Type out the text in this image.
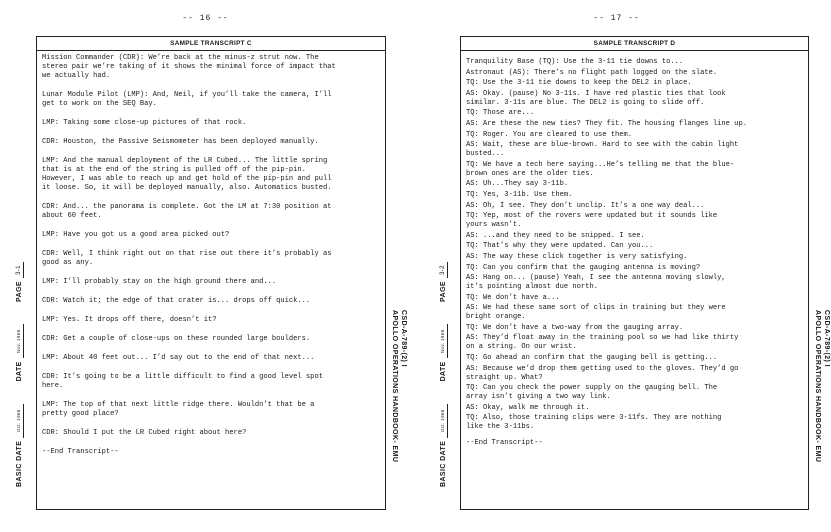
-- 16 --
SAMPLE TRANSCRIPT C

Mission Commander (CDR): We’re back at the minus-z strut now. The
stereo pair we’re taking of it shows the minimal force of impact that
we actually had.

Lunar Module Pilot (LMP): And, Neil, if you’ll take the camera, I’ll
get to work on the SEQ Bay.

LMP: Taking some close-up pictures of that rock.

CDR: Houston, the Passive Seismometer has been deployed manually.

LMP: And the manual deployment of the LR Cubed... The little spring
that is at the end of the string is pulled off of the pip-pin.
However, I was able to reach up and get hold of the pip-pin and pull
it loose. So, it will be deployed manually, also. Automatics busted.

CDR: And... the panorama is complete. Got the LM at 7:30 position at
about 60 feet.

LMP: Have you got us a good area picked out?

CDR: Well, I think right out on that rise out there it’s probably as
good as any.

LMP: I’ll probably stay on the high ground there and...

CDR: Watch it; the edge of that crater is... drops off quick...

LMP: Yes. It drops off there, doesn’t it?

CDR: Get a couple of close-ups on these rounded large boulders.

LMP: About 40 feet out... I’d say out to the end of that next...

CDR: It’s going to be a little difficult to find a good level spot
here.

LMP: The top of that next little ridge there. Wouldn’t that be a
pretty good place?

CDR: Should I put the LR Cubed right about here?

--End Transcript--

BASIC DATE
Oct. 1966
DATE
Nov. 1966
PAGE
3-1
CSD-A-789-(2) I
APOLLO OPERATIONS HANDBOOK- EMU
-- 17 --
SAMPLE TRANSCRIPT D

Tranquility Base (TQ): Use the 3-11 tie downs to...

Astronaut (AS): There’s no flight path logged on the slate.

TQ: Use the 3-11 tie downs to keep the DEL2 in place.

AS: Okay. (pause) No 3-11s. I have red plastic ties that look
similar. 3-11s are blue. The DEL2 is going to slide off.

TQ: Those are...

AS: Are these the new ties? They fit. The housing flanges line up.

TQ: Roger. You are cleared to use them.

AS: Wait, these are blue-brown. Hard to see with the cabin light
busted...

TQ: We have a tech here saying...He’s telling me that the blue-
brown ones are the older ties.

AS: Uh...They say 3-11b.

TQ: Yes, 3-11b. Use them.

AS: Oh, I see. They don’t unclip. It’s a one way deal...

TQ: Yep, most of the rovers were updated but it sounds like
yours wasn’t.

AS: ...and they need to be snipped. I see.

TQ: That’s why they were updated. Can you...

AS: The way these click together is very satisfying.

TQ: Can you confirm that the gauging antenna is moving?

AS: Hang on... (pause) Yeah, I see the antenna moving slowly,
it’s pointing almost due north.

TQ: We don’t have a...

AS: We had these same sort of clips in training but they were
bright orange.

TQ: We don’t have a two-way from the gauging array.

AS: They’d float away in the training pool so we had like thirty
on a string. On our wrist.

TQ: Go ahead an confirm that the gauging bell is getting...

AS: Because we’d drop them getting used to the gloves. They’d go
straight up. What?

TQ: Can you check the power supply on the gauging bell. The
array isn’t giving a two way link.

AS: Okay, walk me through it.

TQ: Also, those training clips were 3-11fs. They are nothing
like the 3-11bs.

--End Transcript--

BASIC DATE
Oct. 1966
DATE
Nov. 1966
PAGE
3-2
CSD-A-789-(2) I
APOLLO OPERATIONS HANDBOOK- EMU
